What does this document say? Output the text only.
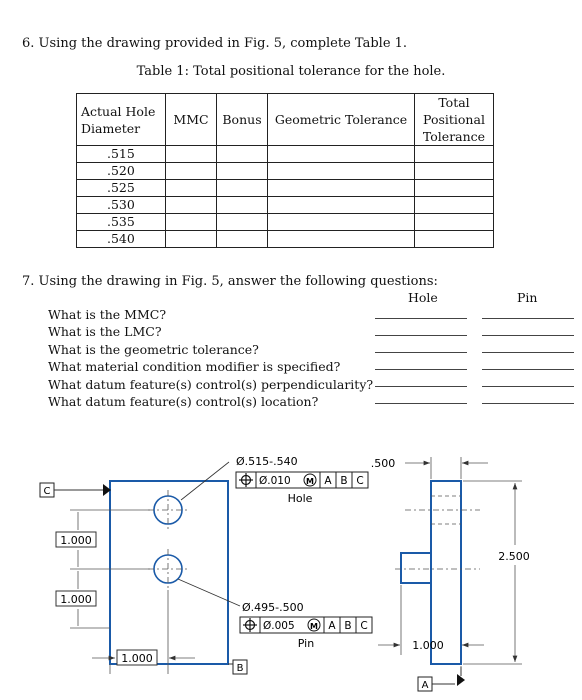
6. Using the drawing provided in Fig. 5, complete Table 1.
Table 1: Total positional tolerance for the hole.
Actual Hole
Diameter	MMC	Bonus	Geometric Tolerance	Total
Positional
Tolerance
.515				
.520				
.525				
.530				
.535				
.540				
7. Using the drawing in Fig. 5, answer the following questions:
Hole	Pin
What is the MMC?
What is the LMC?
What is the geometric tolerance?
What material condition modifier is specified?
What datum feature(s) control(s) perpendicularity?
What datum feature(s) control(s) location?
C
1.000
1.000
1.000
B
Ø.515-.540
Ø.010 M A B C
Hole
Ø.495-.500
Ø.005 M A B C
Pin
.500
2.500
1.000
A
